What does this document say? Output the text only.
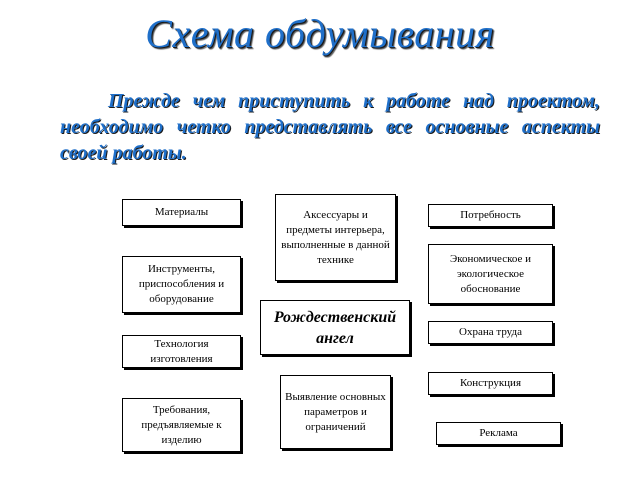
Схема обдумывания
Прежде чем приступить к работе над проектом, необходимо четко представлять все основные аспекты своей работы.
Материалы
Инструменты, приспособления и оборудование
Технология изготовления
Требования, предъявляемые к изделию
Аксессуары и предметы интерьера, выполненные в данной технике
Рождественский ангел
Выявление основных параметров и ограничений
Потребность
Экономическое и экологическое обоснование
Охрана труда
Конструкция
Реклама
